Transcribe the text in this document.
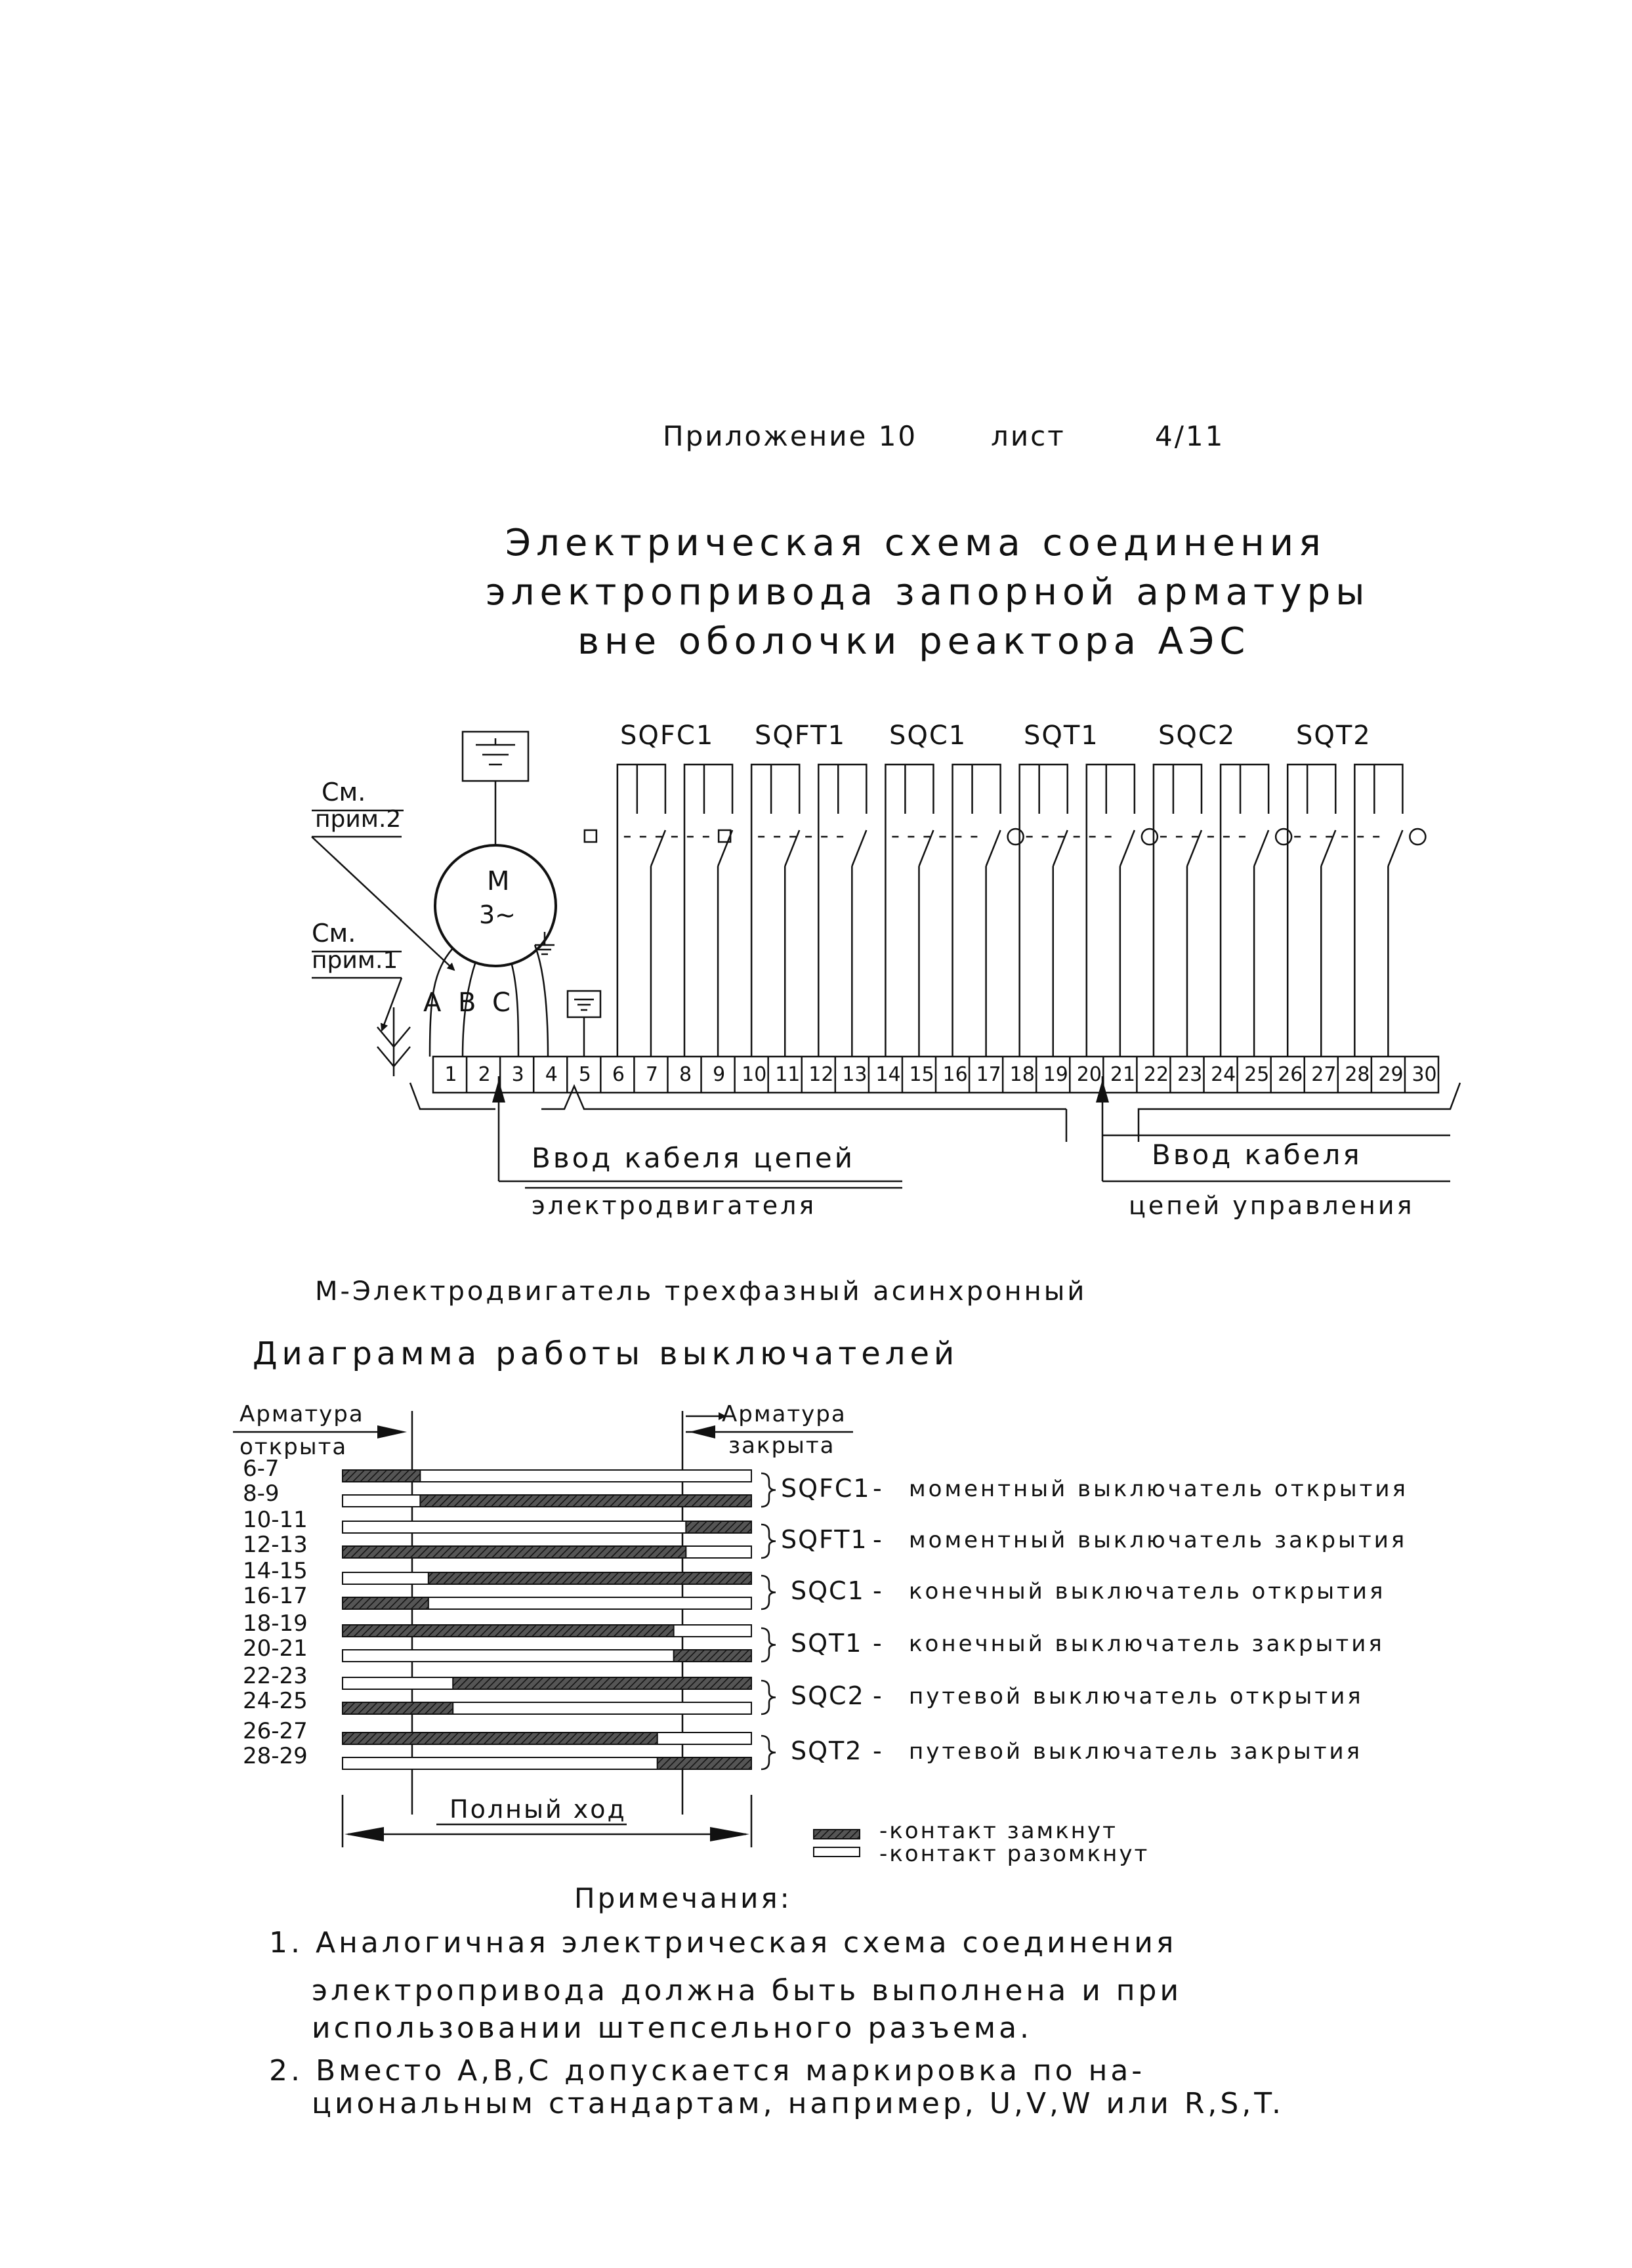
Приложение 10	лист	4/11
Электрическая схема соединения
электропривода запорной арматуры
вне оболочки реактора АЭС
SQFC1 SQFT1 SQC1 SQT1 SQC2 SQT2
См.
прим.2
См.
прим.1
М
3~
A B C
1 2 3 4 5 6 7 8 9 10 11 12 13 14 15 16 17 18 19 20 21 22 23 24 25 26 27 28 29 30
Ввод кабеля цепей
электродвигателя
Ввод кабеля
цепей управления
М-Электродвигатель трехфазный асинхронный
Диаграмма работы выключателей
Арматура
открыта
Арматура
закрыта
6-7
8-9
10-11
12-13
14-15
16-17
18-19
20-21
22-23
24-25
26-27
28-29
SQFC1 - моментный выключатель открытия
SQFT1 - моментный выключатель закрытия
SQC1 - конечный выключатель открытия
SQT1 - конечный выключатель закрытия
SQC2 - путевой выключатель открытия
SQT2 - путевой выключатель закрытия
Полный ход
-контакт замкнут
-контакт разомкнут
Примечания:
1. Аналогичная электрическая схема соединения
электропривода должна быть выполнена и при
использовании штепсельного разъема.
2. Вместо A,B,C допускается маркировка по на-
циональным стандартам, например, U,V,W или R,S,T.
